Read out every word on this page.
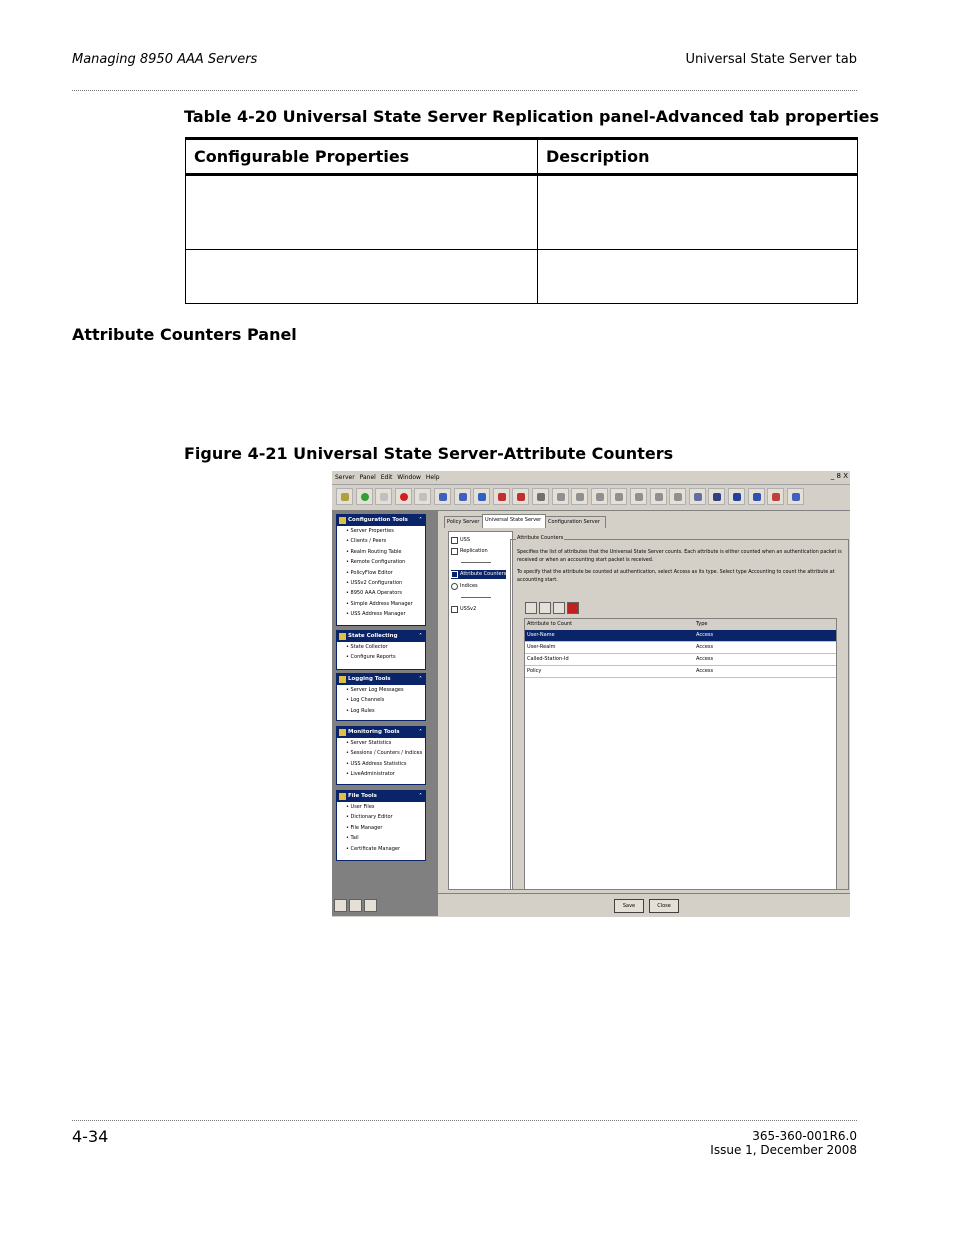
Managing 8950 AAA Servers	Universal State Server tab
Table 4-20 Universal State Server Replication panel-Advanced tab properties
Configurable Properties	Description

Attribute Counters Panel
Figure 4-21 Universal State Server-Attribute Counters
Server Panel Edit Window Help	_ 8 X
File Tools	˄
• User Files
• Dictionary Editor
• File Manager
• Tail
• Certificate Manager
Monitoring Tools	˄
• Server Statistics
• Sessions / Counters / Indices
• USS Address Statistics
• LiveAdministrator
Logging Tools	˄
• Server Log Messages
• Log Channels
• Log Rules
State Collecting	˄
• State Collector
• Configure Reports
Configuration Tools ˄
• Server Properties
• Clients / Peers
• Realm Routing Table
• Remote Configuration
• PolicyFlow Editor
• USSv2 Configuration
• 8950 AAA Operators
• Simple Address Manager
• USS Address Manager
Policy Server	Universal State Server	Configuration Server
USS
Replication
Attribute Counters
Indices
USSv2
Attribute Counters
Specifies the list of attributes that the Universal State Server counts. Each attribute is either counted when an authentication packet is received or when an accounting start packet is received.
To specify that the attribute be counted at authentication, select Access as its type. Select type Accounting to count the attribute at accounting start.
Attribute to Count	Type
User-Name	Access
User-Realm	Access
Called-Station-Id	Access
Policy	Access
Save	Close
4-34	365-360-001R6.0
Issue 1, December 2008
